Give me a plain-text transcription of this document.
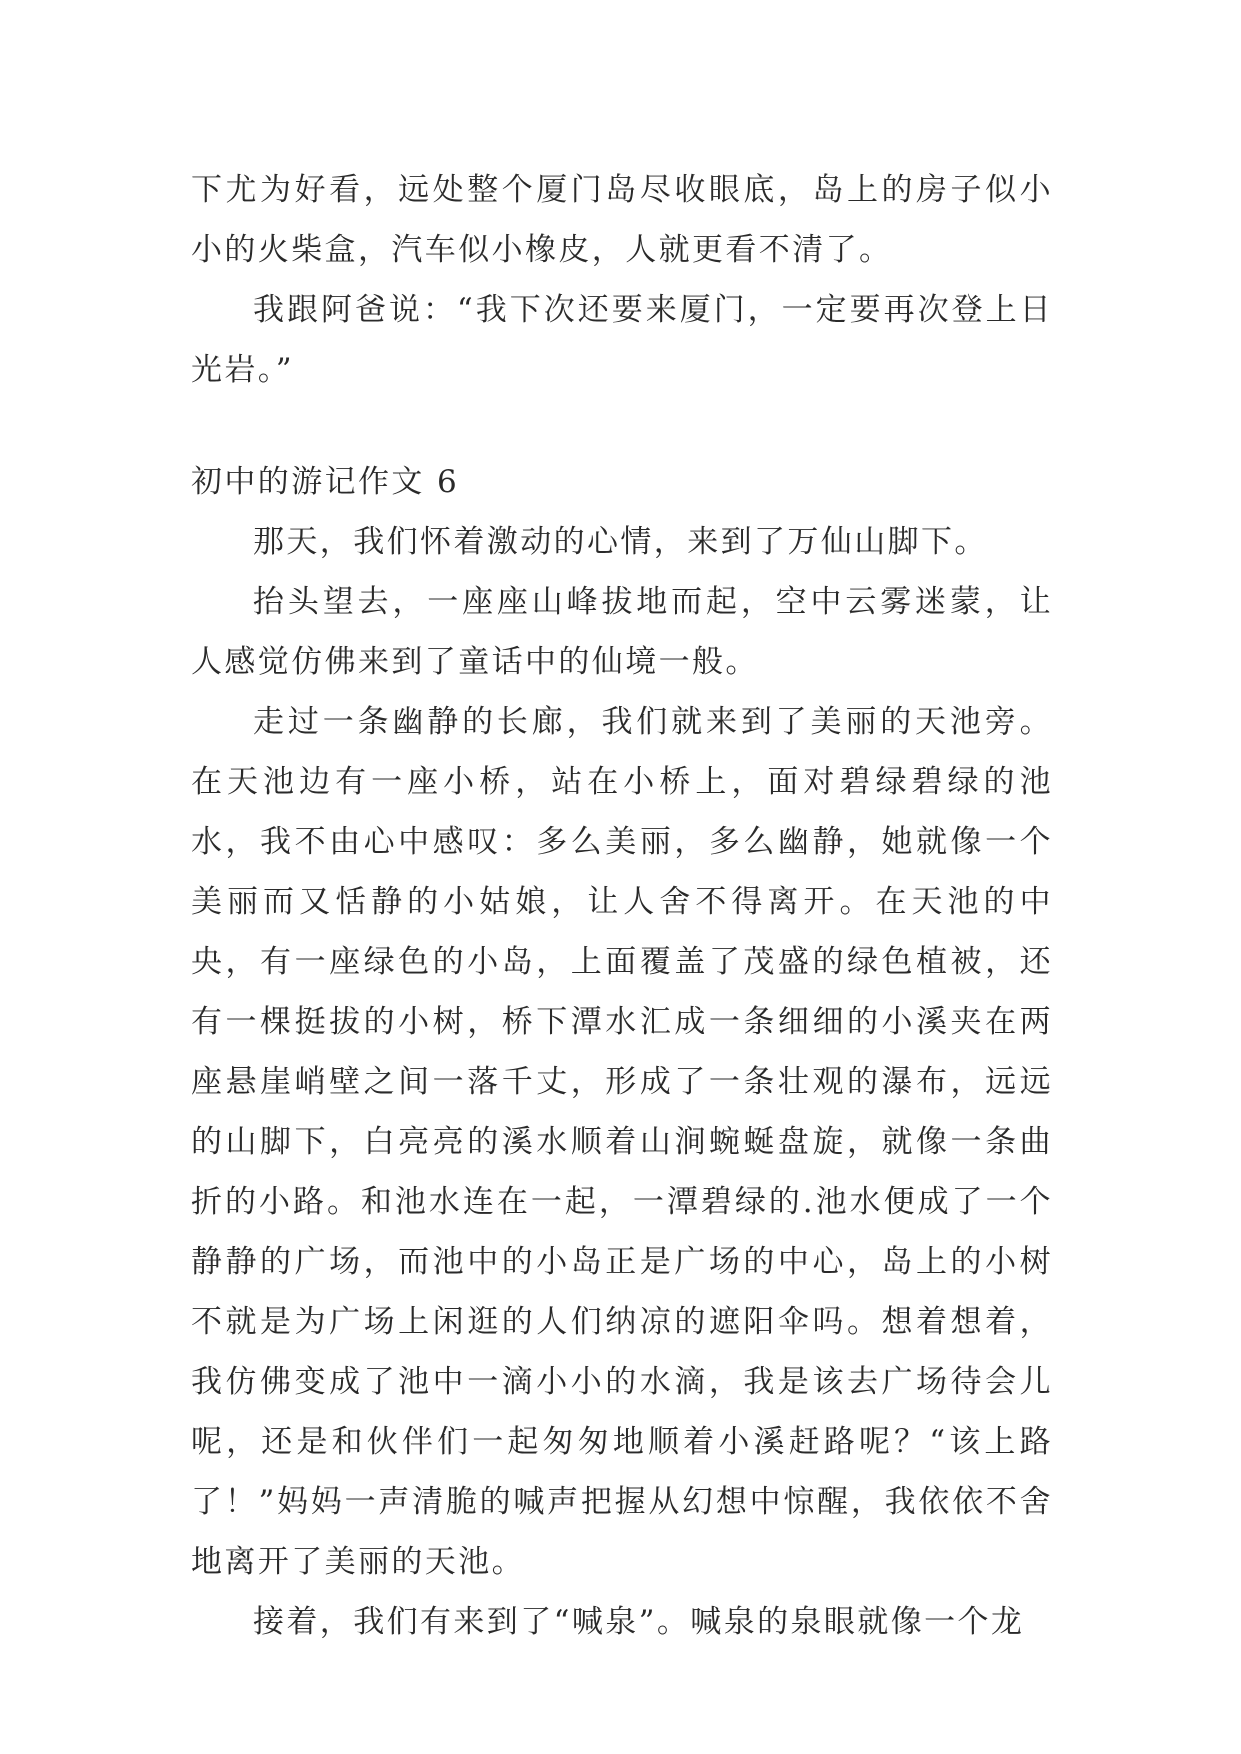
下尤为好看，远处整个厦门岛尽收眼底，岛上的房子似小小的火柴盒，汽车似小橡皮，人就更看不清了。

我跟阿爸说：“我下次还要来厦门，一定要再次登上日光岩。”

初中的游记作文 6

那天，我们怀着激动的心情，来到了万仙山脚下。

抬头望去，一座座山峰拔地而起，空中云雾迷蒙，让人感觉仿佛来到了童话中的仙境一般。

走过一条幽静的长廊，我们就来到了美丽的天池旁。在天池边有一座小桥，站在小桥上，面对碧绿碧绿的池水，我不由心中感叹：多么美丽，多么幽静，她就像一个美丽而又恬静的小姑娘，让人舍不得离开。在天池的中央，有一座绿色的小岛，上面覆盖了茂盛的绿色植被，还有一棵挺拔的小树，桥下潭水汇成一条细细的小溪夹在两座悬崖峭壁之间一落千丈，形成了一条壮观的瀑布，远远的山脚下，白亮亮的溪水顺着山涧蜿蜒盘旋，就像一条曲折的小路。和池水连在一起，一潭碧绿的.池水便成了一个静静的广场，而池中的小岛正是广场的中心，岛上的小树不就是为广场上闲逛的人们纳凉的遮阳伞吗。想着想着，我仿佛变成了池中一滴小小的水滴，我是该去广场待会儿呢，还是和伙伴们一起匆匆地顺着小溪赶路呢？“该上路了！”妈妈一声清脆的喊声把握从幻想中惊醒，我依依不舍地离开了美丽的天池。

接着，我们有来到了“喊泉”。喊泉的泉眼就像一个龙
